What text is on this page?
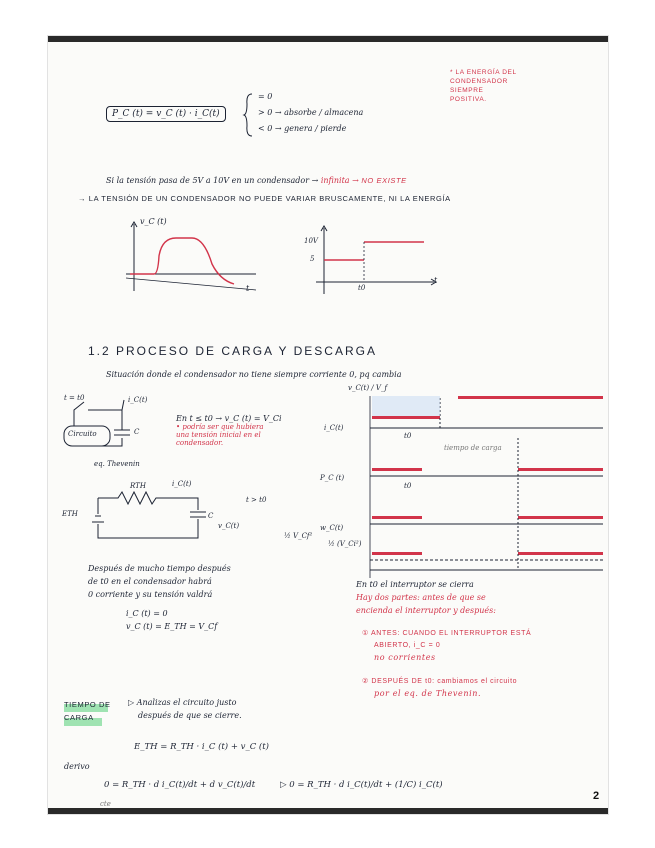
P_C (t) = v_C (t) · i_C(t)
= 0
> 0 → absorbe / almacena
< 0 → genera / pierde
* LA ENERGÍA DEL
CONDENSADOR
SIEMPRE
POSITIVA.
Si la tensión pasa de 5V a 10V en un condensador → infinita → NO EXISTE
→ LA TENSIÓN DE UN CONDENSADOR NO PUEDE VARIAR BRUSCAMENTE, NI LA ENERGÍA
v_C (t)
t
10V
5
t0
t
1.2 PROCESO DE CARGA Y DESCARGA
Situación donde el condensador no tiene siempre corriente 0, pq cambia
t = t0	i_C(t)
Circuito	C
eq. Thevenin
RTH	i_C(t)
ETH	C
v_C(t)
t > t0
En t ≤ t0 → v_C (t) = V_Ci
• podría ser que hubiera
una tensión inicial en el
condensador.
v_C(t) / V_f
i_C(t)
P_C (t)
w_C(t)
½ (V_Ci²)
½ V_Cf²
t0
t0
tiempo de carga
Después de mucho tiempo después
de t0 en el condensador habrá
0 corriente y su tensión valdrá
i_C (t) = 0
v_C (t) = E_TH = V_Cf
En t0 el interruptor se cierra
Hay dos partes: antes de que se
encienda el interruptor y después:
① ANTES: CUANDO EL INTERRUPTOR ESTÁ
ABIERTO, i_C = 0
no corrientes
② DESPUÉS DE t0: cambiamos el circuito
por el eq. de Thevenin.
TIEMPO DE
CARGA
▷ Analizas el circuito justo
después de que se cierre.
E_TH = R_TH · i_C (t) + v_C (t)
derivo
0 = R_TH · d i_C(t)/dt + d v_C(t)/dt	▷ 0 = R_TH · d i_C(t)/dt + (1/C) i_C(t)
cte
2
